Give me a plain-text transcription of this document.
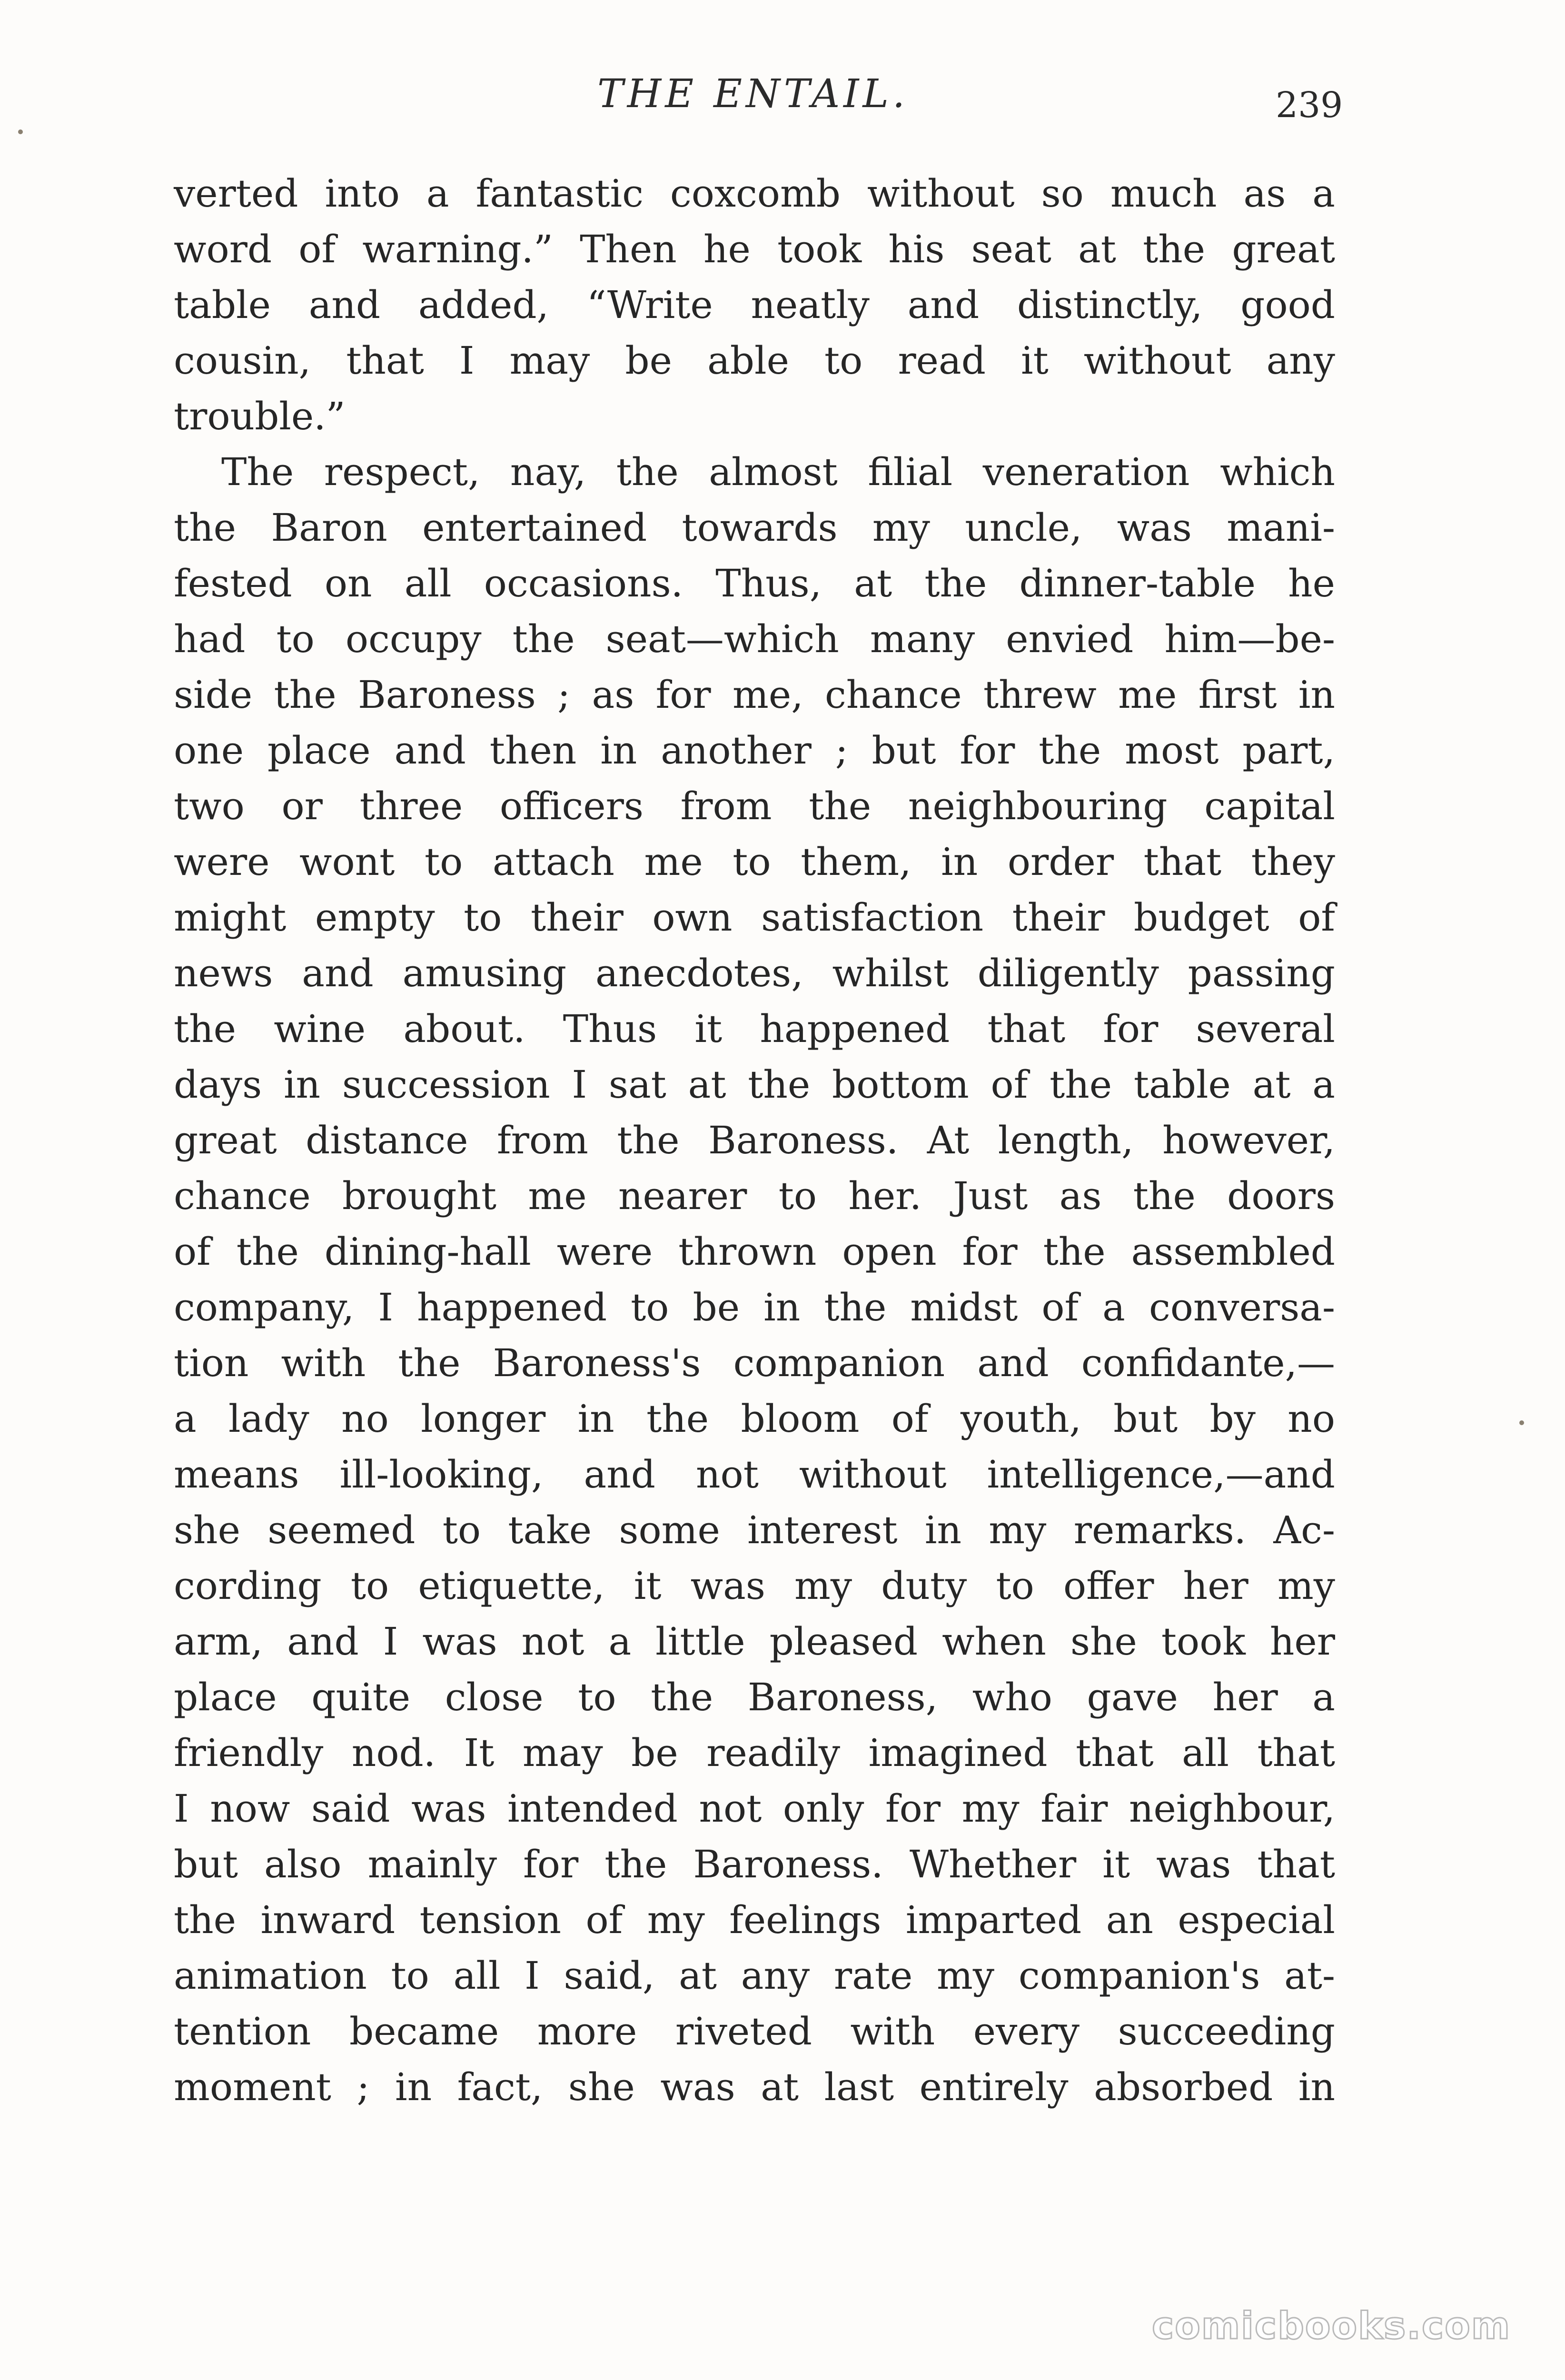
THE ENTAIL.	239
verted into a fantastic coxcomb without so much as a
word of warning.” Then he took his seat at the great
table and added, “Write neatly and distinctly, good
cousin, that I may be able to read it without any
trouble.”
The respect, nay, the almost filial veneration which
the Baron entertained towards my uncle, was mani-
fested on all occasions. Thus, at the dinner-table he
had to occupy the seat—which many envied him—be-
side the Baroness ; as for me, chance threw me first in
one place and then in another ; but for the most part,
two or three officers from the neighbouring capital
were wont to attach me to them, in order that they
might empty to their own satisfaction their budget of
news and amusing anecdotes, whilst diligently passing
the wine about. Thus it happened that for several
days in succession I sat at the bottom of the table at a
great distance from the Baroness. At length, however,
chance brought me nearer to her. Just as the doors
of the dining-hall were thrown open for the assembled
company, I happened to be in the midst of a conversa-
tion with the Baroness's companion and confidante,—
a lady no longer in the bloom of youth, but by no
means ill-looking, and not without intelligence,—and
she seemed to take some interest in my remarks. Ac-
cording to etiquette, it was my duty to offer her my
arm, and I was not a little pleased when she took her
place quite close to the Baroness, who gave her a
friendly nod. It may be readily imagined that all that
I now said was intended not only for my fair neighbour,
but also mainly for the Baroness. Whether it was that
the inward tension of my feelings imparted an especial
animation to all I said, at any rate my companion's at-
tention became more riveted with every succeeding
moment ; in fact, she was at last entirely absorbed in
comicbooks.com
